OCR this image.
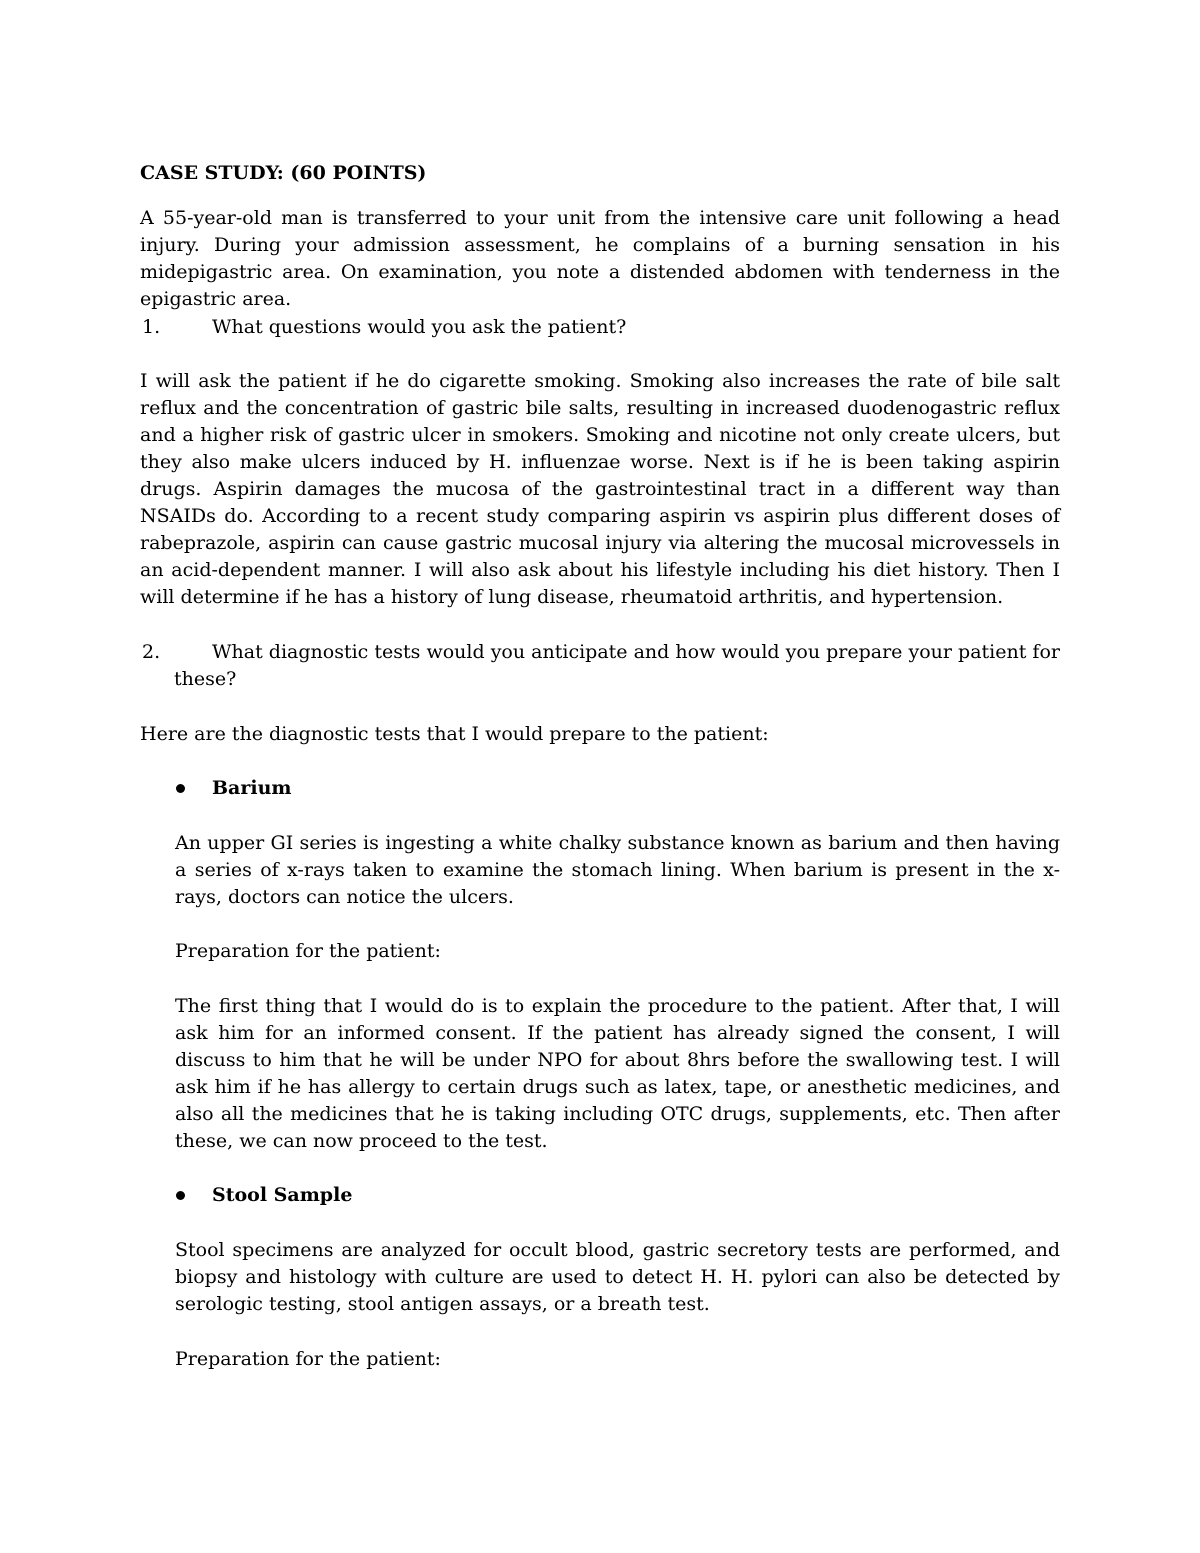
CASE STUDY: (60 POINTS)

A 55-year-old man is transferred to your unit from the intensive care unit following a head injury. During your admission assessment, he complains of a burning sensation in his midepigastric area. On examination, you note a distended abdomen with tenderness in the epigastric area.

1.	What questions would you ask the patient?

I will ask the patient if he do cigarette smoking. Smoking also increases the rate of bile salt reflux and the concentration of gastric bile salts, resulting in increased duodenogastric reflux and a higher risk of gastric ulcer in smokers. Smoking and nicotine not only create ulcers, but they also make ulcers induced by H. influenzae worse. Next is if he is been taking aspirin drugs. Aspirin damages the mucosa of the gastrointestinal tract in a different way than NSAIDs do. According to a recent study comparing aspirin vs aspirin plus different doses of rabeprazole, aspirin can cause gastric mucosal injury via altering the mucosal microvessels in an acid-dependent manner. I will also ask about his lifestyle including his diet history. Then I will determine if he has a history of lung disease, rheumatoid arthritis, and hypertension.

2.	What diagnostic tests would you anticipate and how would you prepare your patient for these?

Here are the diagnostic tests that I would prepare to the patient:

Barium

An upper GI series is ingesting a white chalky substance known as barium and then having a series of x-rays taken to examine the stomach lining. When barium is present in the x-rays, doctors can notice the ulcers.

Preparation for the patient:

The first thing that I would do is to explain the procedure to the patient. After that, I will ask him for an informed consent. If the patient has already signed the consent, I will discuss to him that he will be under NPO for about 8hrs before the swallowing test. I will ask him if he has allergy to certain drugs such as latex, tape, or anesthetic medicines, and also all the medicines that he is taking including OTC drugs, supplements, etc. Then after these, we can now proceed to the test.

Stool Sample

Stool specimens are analyzed for occult blood, gastric secretory tests are performed, and biopsy and histology with culture are used to detect H. H. pylori can also be detected by serologic testing, stool antigen assays, or a breath test.

Preparation for the patient:
